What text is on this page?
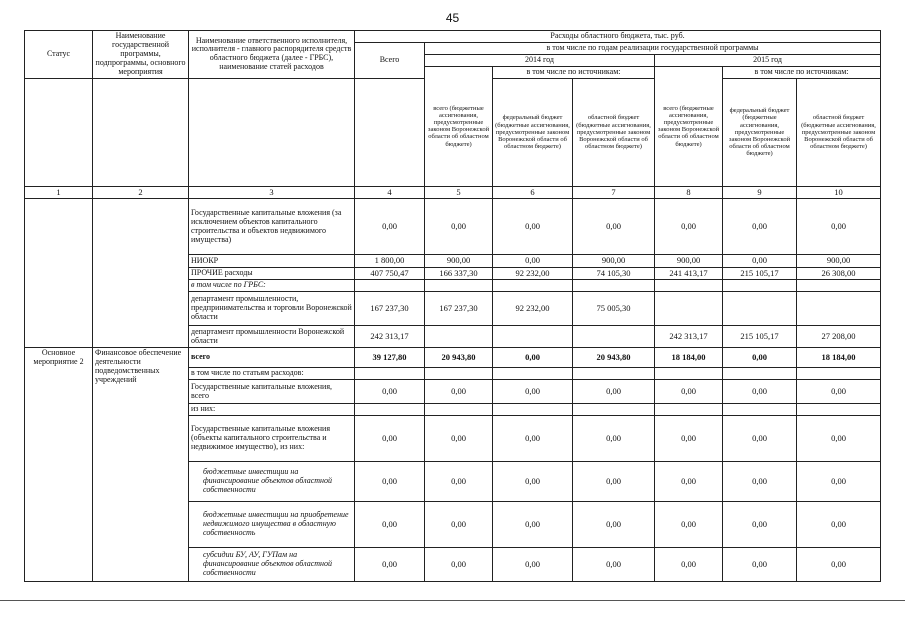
45
Статус	Наименование государственной программы, подпрограммы, основного мероприятия	Наименование ответственного исполнителя, исполнителя - главного распорядителя средств областного бюджета (далее - ГРБС), наименование статей расходов	Расходы областного бюджета, тыс. руб.						
			Всего	в том числе по годам реализации государственной программы					
				2014 год			2015 год		
				всего (бюджетные ассигнования, предусмотренные законом Воронежской области об областном бюджете)	в том числе по источникам:		всего (бюджетные ассигнования, предусмотренные законом Воронежской области об областном бюджете)	в том числе по источникам:	
					федеральный бюджет (бюджетные ассигнования, предусмотренные законом Воронежской области об областном бюджете)	областной бюджет (бюджетные ассигнования, предусмотренные законом Воронежской области об областном бюджете)		федеральный бюджет (бюджетные ассигнования, предусмотренные законом Воронежской области об областном бюджете)	областной бюджет (бюджетные ассигнования, предусмотренные законом Воронежской области об областном бюджете)
1	2	3	4	5	6	7	8	9	10
		Государственные капитальные вложения (за исключением объектов капитального строительства и объектов недвижимого имущества)	0,00	0,00	0,00	0,00	0,00	0,00	0,00
		НИОКР	1 800,00	900,00	0,00	900,00	900,00	0,00	900,00
		ПРОЧИЕ расходы	407 750,47	166 337,30	92 232,00	74 105,30	241 413,17	215 105,17	26 308,00
		в том числе по ГРБС:							
		департамент промышленности, предпринимательства и торговли Воронежской области	167 237,30	167 237,30	92 232,00	75 005,30			
		департамент промышленности Воронежской области	242 313,17				242 313,17	215 105,17	27 208,00
Основное мероприятие 2	Финансовое обеспечение деятельности подведомственных учреждений	всего	39 127,80	20 943,80	0,00	20 943,80	18 184,00	0,00	18 184,00
		в том числе по статьям расходов:							
		Государственные капитальные вложения, всего	0,00	0,00	0,00	0,00	0,00	0,00	0,00
		из них:							
		Государственные капитальные вложения (объекты капитального строительства и недвижимое имущество), из них:	0,00	0,00	0,00	0,00	0,00	0,00	0,00
		бюджетные инвестиции на финансирование объектов областной собственности	0,00	0,00	0,00	0,00	0,00	0,00	0,00
		бюджетные инвестиции на приобретение недвижимого имущества в областную собственность	0,00	0,00	0,00	0,00	0,00	0,00	0,00
		субсидии БУ, АУ, ГУПам на финансирование объектов областной собственности	0,00	0,00	0,00	0,00	0,00	0,00	0,00
